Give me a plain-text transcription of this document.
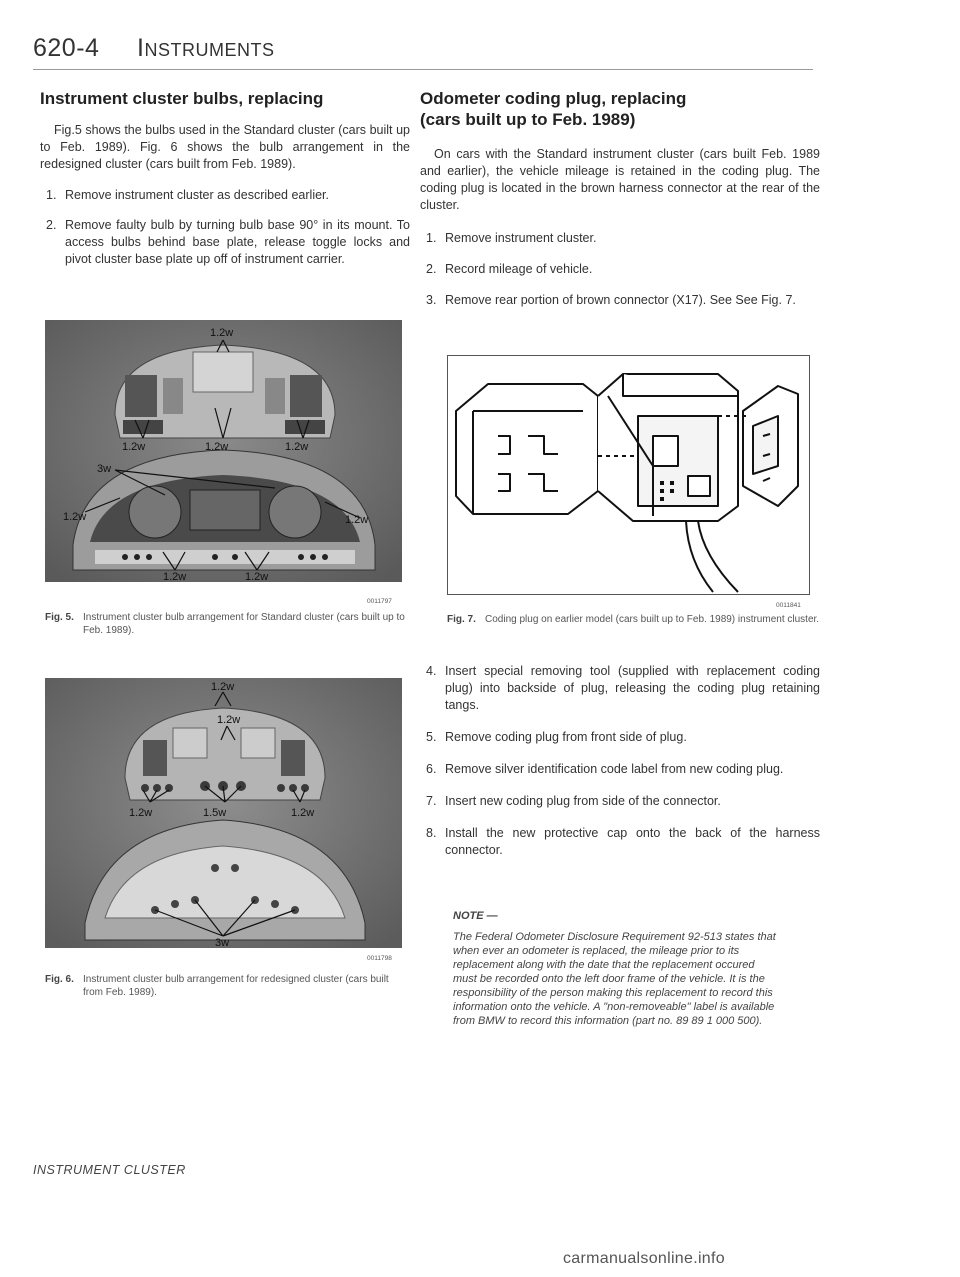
620-4 Instruments
Instrument cluster bulbs, replacing

Fig.5 shows the bulbs used in the Standard cluster (cars built up to Feb. 1989). Fig. 6 shows the bulb arrangement in the redesigned cluster (cars built from Feb. 1989).

1. Remove instrument cluster as described earlier.
2. Remove faulty bulb by turning bulb base 90° in its mount. To access bulbs behind base plate, release toggle locks and pivot cluster base plate up off of instrument carrier.
1.2w
1.2w	1.2w	1.2w
3w
1.2w	1.2w
1.2w	1.2w
0011797
Fig. 5. Instrument cluster bulb arrangement for Standard cluster (cars built up to Feb. 1989).
1.2w
1.2w
1.2w	1.5w	1.2w
3w
0011798
Fig. 6. Instrument cluster bulb arrangement for redesigned cluster (cars built from Feb. 1989).
Odometer coding plug, replacing
(cars built up to Feb. 1989)

On cars with the Standard instrument cluster (cars built Feb. 1989 and earlier), the vehicle mileage is retained in the coding plug. The coding plug is located in the brown harness connector at the rear of the cluster.

1. Remove instrument cluster.
2. Record mileage of vehicle.
3. Remove rear portion of brown connector (X17). See See Fig. 7.
0011841
Fig. 7. Coding plug on earlier model (cars built up to Feb. 1989) instrument cluster.
4. Insert special removing tool (supplied with replacement coding plug) into backside of plug, releasing the coding plug retaining tangs.
5. Remove coding plug from front side of plug.
6. Remove silver identification code label from new coding plug.
7. Insert new coding plug from side of the connector.
8. Install the new protective cap onto the back of the harness connector.
NOTE —
The Federal Odometer Disclosure Requirement 92-513 states that when ever an odometer is replaced, the mileage prior to its replacement along with the date that the replacement occured must be recorded onto the left door frame of the vehicle. It is the responsibility of the person making this replacement to record this information onto the vehicle. A "non-removeable" label is available from BMW to record this information (part no. 89 89 1 000 500).
INSTRUMENT CLUSTER
carmanualsonline.info
